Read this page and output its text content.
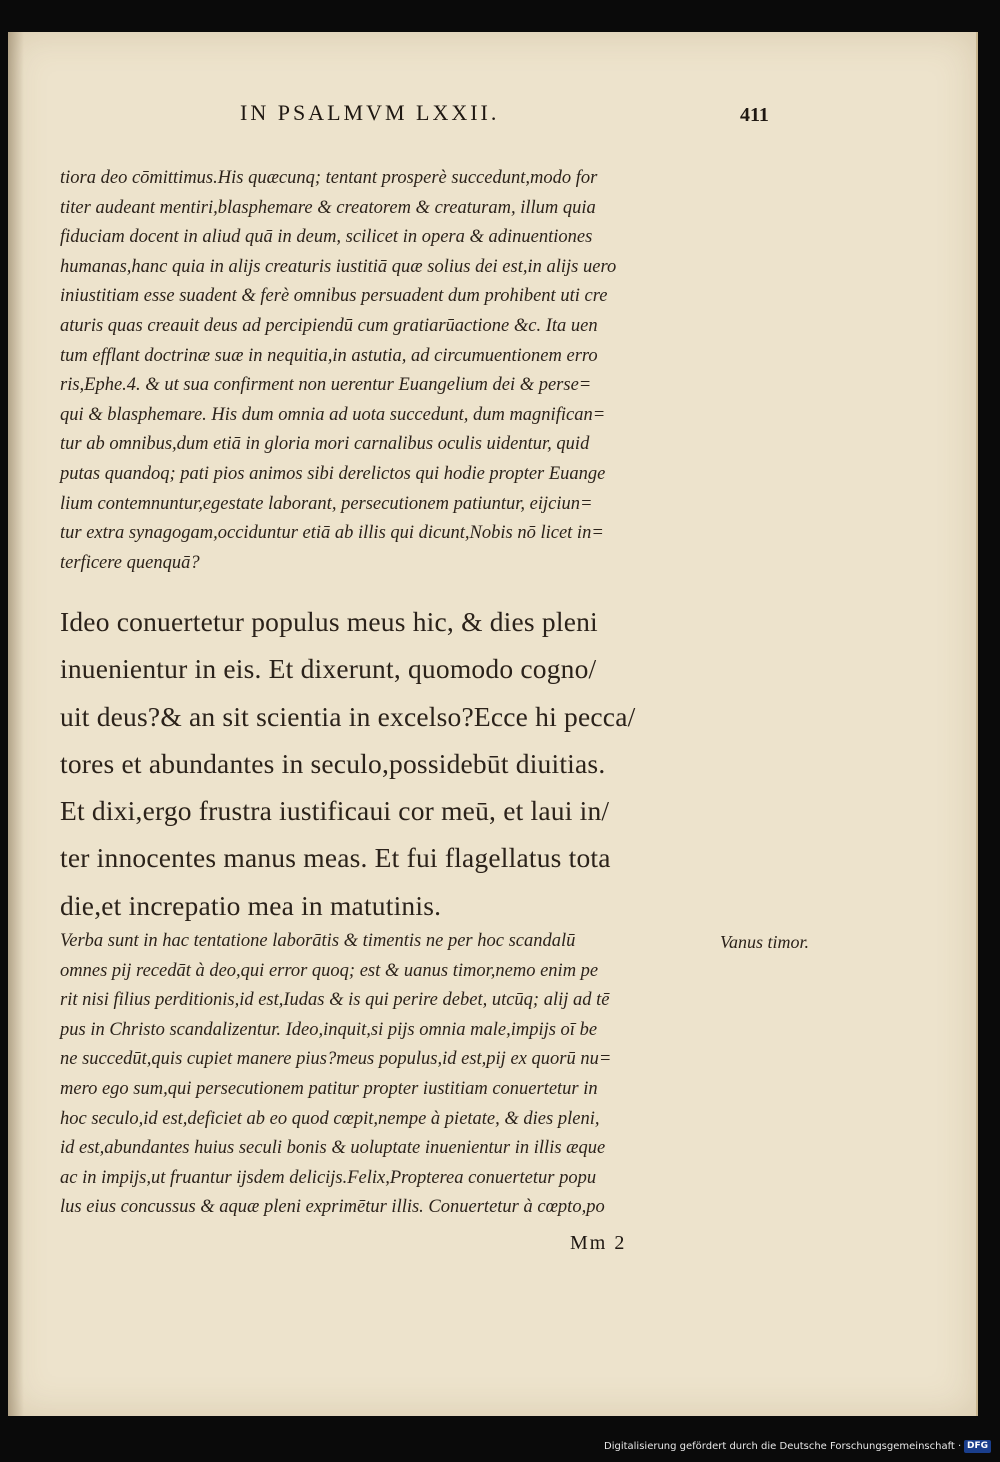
IN PSALMVM LXXII.	411
tiora deo cōmittimus.His quæcunq; tentant prosperè succedunt,modo for
titer audeant mentiri,blasphemare & creatorem & creaturam, illum quia
fiduciam docent in aliud quā in deum, scilicet in opera & adinuentiones
humanas,hanc quia in alijs creaturis iustitiā quæ solius dei est,in alijs uero
iniustitiam esse suadent & ferè omnibus persuadent dum prohibent uti cre
aturis quas creauit deus ad percipiendū cum gratiarūactione &c. Ita uen
tum efflant doctrinæ suæ in nequitia,in astutia, ad circumuentionem erro
ris,Ephe.4. & ut sua confirment non uerentur Euangelium dei & perse=
qui & blasphemare. His dum omnia ad uota succedunt, dum magnifican=
tur ab omnibus,dum etiā in gloria mori carnalibus oculis uidentur, quid
putas quandoq; pati pios animos sibi derelictos qui hodie propter Euange
lium contemnuntur,egestate laborant, persecutionem patiuntur, eijciun=
tur extra synagogam,occiduntur etiā ab illis qui dicunt,Nobis nō licet in=
terficere quenquā?
Ideo conuertetur populus meus hic, & dies pleni
inuenientur in eis. Et dixerunt, quomodo cogno/
uit deus?& an sit scientia in excelso?Ecce hi pecca/
tores et abundantes in seculo,possidebūt diuitias.
Et dixi,ergo frustra iustificaui cor meū, et laui in/
ter innocentes manus meas. Et fui flagellatus tota
die,et increpatio mea in matutinis.
Verba sunt in hac tentatione laborātis & timentis ne per hoc scandalū
omnes pij recedāt à deo,qui error quoq; est & uanus timor,nemo enim pe
rit nisi filius perditionis,id est,Iudas & is qui perire debet, utcūq; alij ad tē
pus in Christo scandalizentur. Ideo,inquit,si pijs omnia male,impijs oī be
ne succedūt,quis cupiet manere pius?meus populus,id est,pij ex quorū nu=
mero ego sum,qui persecutionem patitur propter iustitiam conuertetur in
hoc seculo,id est,deficiet ab eo quod cœpit,nempe à pietate, & dies pleni,
id est,abundantes huius seculi bonis & uoluptate inuenientur in illis æque
ac in impijs,ut fruantur ijsdem delicijs.Felix,Propterea conuertetur popu
lus eius concussus & aquæ pleni exprimētur illis. Conuertetur à cœpto,po
Vanus timor.
Mm 2
Digitalisierung gefördert durch die Deutsche Forschungsgemeinschaft · DFG
